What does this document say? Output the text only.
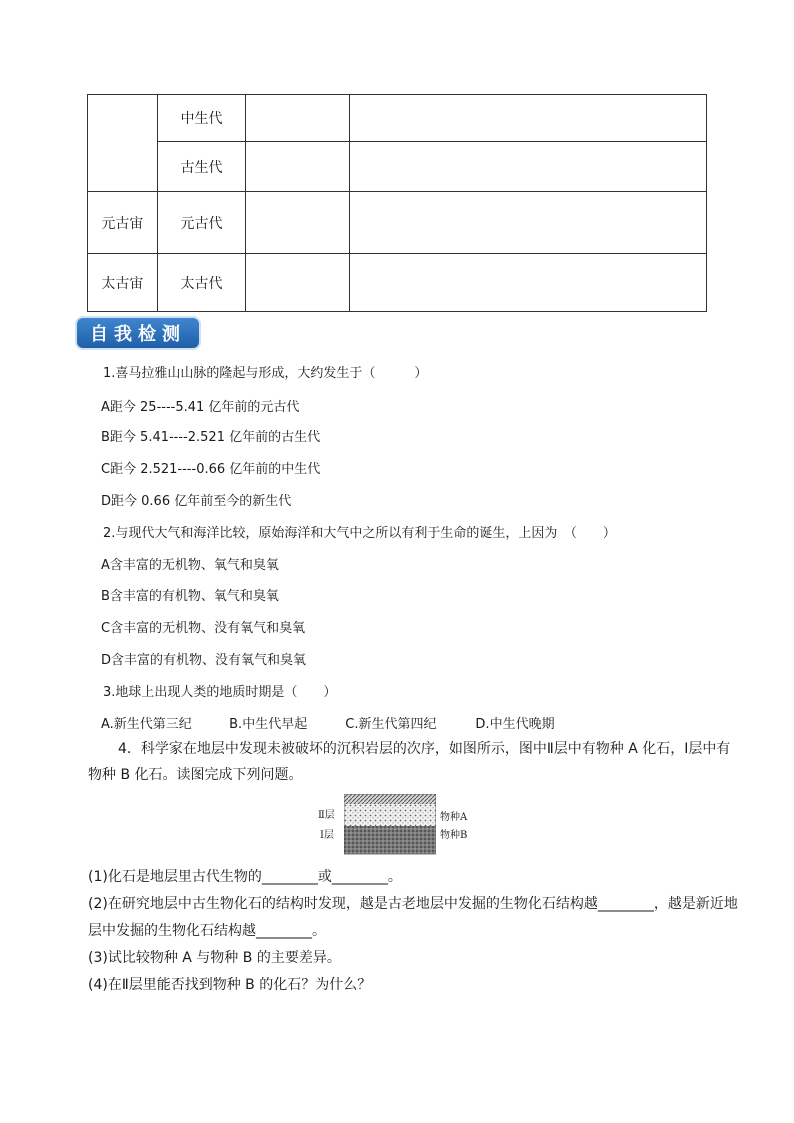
	中生代		
	古生代		
元古宙	元古代		
太古宙	太古代		
自我检测
1.喜马拉雅山山脉的隆起与形成，大约发生于（　　　）
A距今 25----5.41 亿年前的元古代
B距今 5.41----2.521 亿年前的古生代
C距今 2.521----0.66 亿年前的中生代
D距今 0.66 亿年前至今的新生代
2.与现代大气和海洋比较，原始海洋和大气中之所以有利于生命的诞生，上因为　（　　）
A含丰富的无机物、氧气和臭氧
B含丰富的有机物、氧气和臭氧
C含丰富的无机物、没有氧气和臭氧
D含丰富的有机物、没有氧气和臭氧
3.地球上出现人类的地质时期是（　　）
A.新生代第三纪	B.中生代早起	C.新生代第四纪	D.中生代晚期
4．科学家在地层中发现未被破坏的沉积岩层的次序，如图所示，图中Ⅱ层中有物种 A 化石，Ⅰ层中有
物种 B 化石。读图完成下列问题。
Ⅱ层
Ⅰ层
物种A
物种B
(1)化石是地层里古代生物的________或________。
(2)在研究地层中古生物化石的结构时发现，越是古老地层中发掘的生物化石结构越________，越是新近地
层中发掘的生物化石结构越________。
(3)试比较物种 A 与物种 B 的主要差异。
(4)在Ⅱ层里能否找到物种 B 的化石？为什么？
